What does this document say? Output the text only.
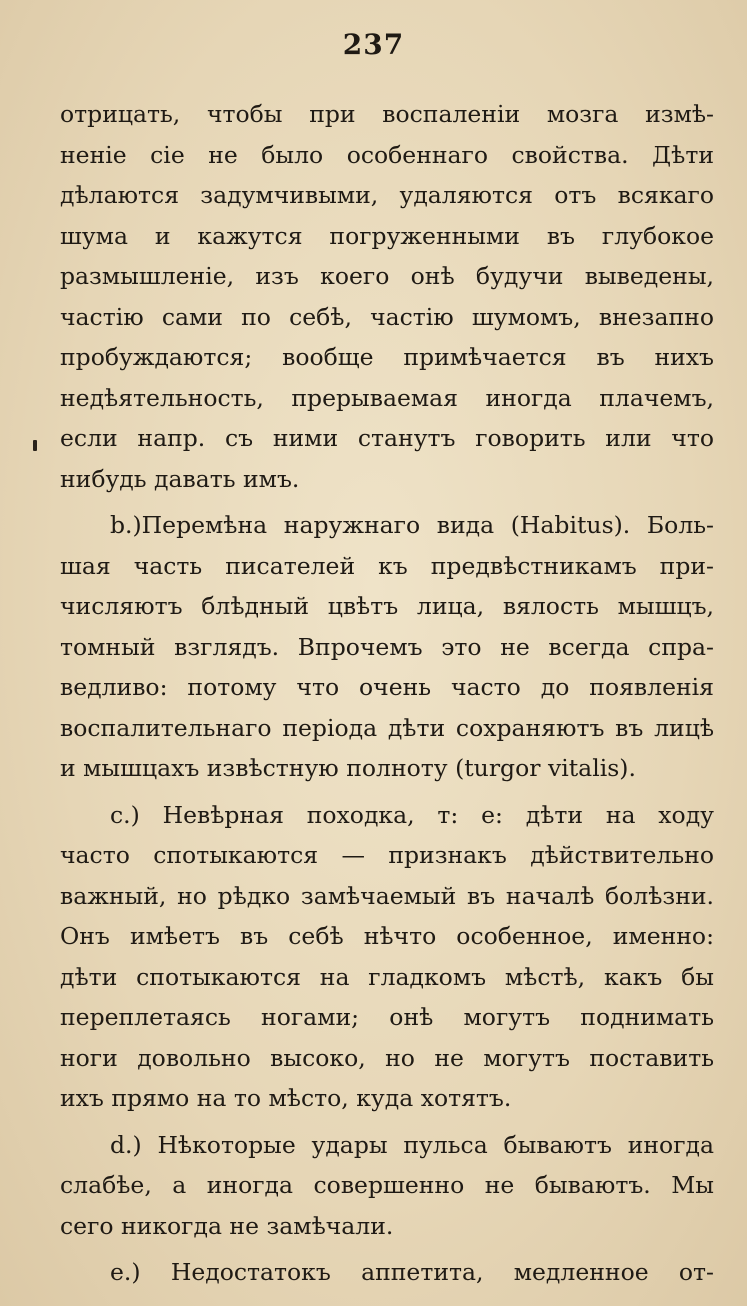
237
отрицать, чтобы при воспаленіи мозга измѣ-
неніе сіе не было особеннаго свойства. Дѣти
дѣлаются задумчивыми, удаляются отъ всякаго
шума и кажутся погруженными въ глубокое
размышленіе, изъ коего онѣ будучи выведены,
частію сами по себѣ, частію шумомъ, внезапно
пробуждаются; вообще примѣчается въ нихъ
недѣятельность, прерываемая иногда плачемъ,
если напр. съ ними станутъ говорить или что
нибудь давать имъ.
b.)Перемѣна наружнаго вида (Habitus). Боль-
шая часть писателей къ предвѣстникамъ при-
числяютъ блѣдный цвѣтъ лица, вялость мышцъ,
томный взглядъ. Впрочемъ это не всегда спра-
ведливо: потому что очень часто до появленія
воспалительнаго періода дѣти сохраняютъ въ лицѣ
и мышцахъ извѣстную полноту (turgor vitalis).
c.) Невѣрная походка, т: е: дѣти на ходу
часто спотыкаются — признакъ дѣйствительно
важный, но рѣдко замѣчаемый въ началѣ болѣзни.
Онъ имѣетъ въ себѣ нѣчто особенное, именно:
дѣти спотыкаются на гладкомъ мѣстѣ, какъ бы
переплетаясь ногами; онѣ могутъ поднимать
ноги довольно высоко, но не могутъ поставить
ихъ прямо на то мѣсто, куда хотятъ.
d.) Нѣкоторые удары пульса бываютъ иногда
слабѣе, а иногда совершенно не бываютъ. Мы
сего никогда не замѣчали.
e.) Недостатокъ аппетита, медленное от-
